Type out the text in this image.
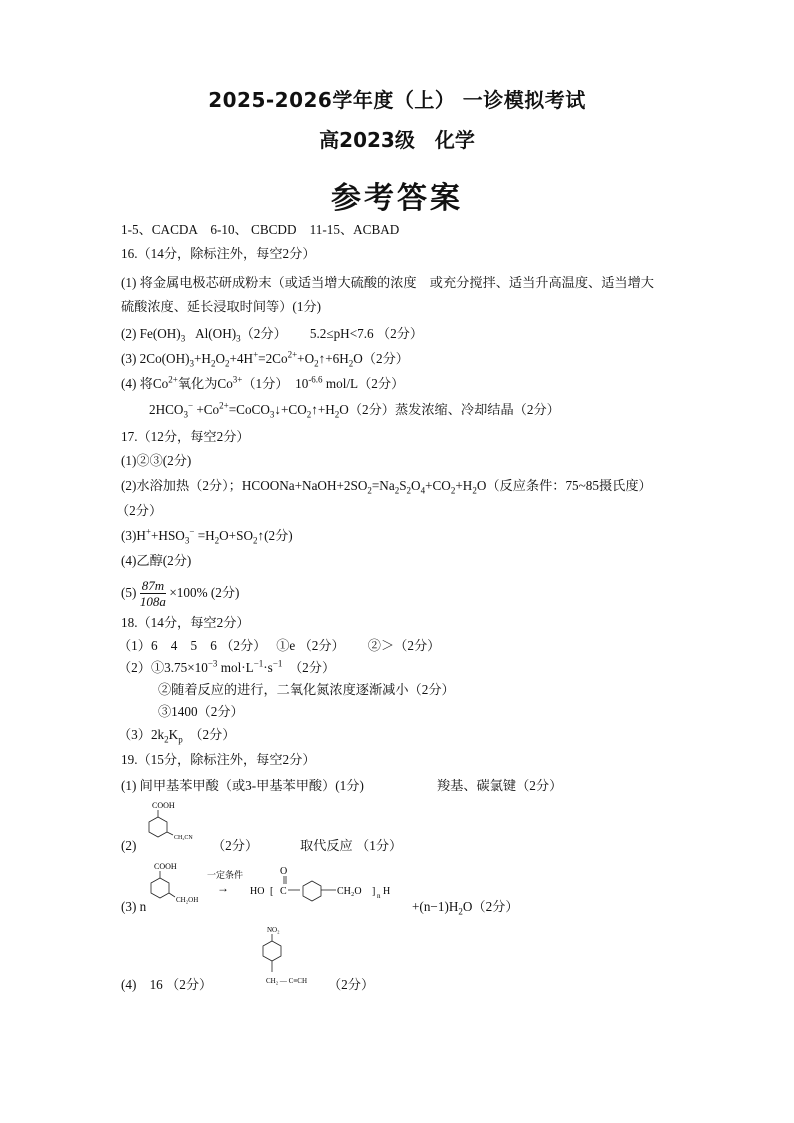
2025-2026学年度（上） 一诊模拟考试
高2023级　化学
参考答案
1-5、CACDA　6-10、 CBCDD　11-15、ACBAD
16.（14分，除标注外，每空2分）
(1) 将金属电极芯研成粉末（或适当增大硫酸的浓度　或充分搅拌、适当升高温度、适当增大
硫酸浓度、延长浸取时间等）(1分)
(2) $Fe(OH)_3$ $Al(OH)_3(2$分） 5.2≤pH<7.6 （2分）
(3) $2Co(OH)_3+H_2O_2+4H^+=2Co^{2+}+O_2↑+6H_2O(2$分）
(4) 将$Co^{2+}$氧化为$Co^{3+}(1$分） $10^{-6.6}$ mol/L（2分）
$2HCO_3^-$ $+Co^{2+}=CoCO_3↓+CO_2↑+H_2O(2$分）蒸发浓缩、冷却结晶（2分）
17.（12分，每空2分）
(1)②③(2分)
(2)水浴加热（2分）；$HCOONa+NaOH+2SO_2=Na_2S_2O_4+CO_2+H_2O$（反应条件：75~85摄氏度）
（2分）
$(3)H^++HSO_3^-$ $=H_2O+SO_2↑(2$分)
(4)乙醇(2分)
$(5) \frac{87m}{108a} \times 100\%$ (2分)
18.（14分，每空2分）
（1）6　4　5　6 （2分）　 ①e （2分）　　 ②＞（2分）
$(2)①3.75\times 10^{-3}$ $mol\cdot L^{-1}\cdot s^{-1}$　（2分）
②随着反应的进行，二氧化氮浓度逐渐减小（2分）
③1400（2分）
$(3)2k_2K_p$　（2分）
19.（15分，除标注外，每空2分）
(1) 间甲基苯甲酸（或3-甲基苯甲酸）(1分)	羧基、碳氯键（2分）
(2)
COOH
CH₂CN （2分）	取代反应 （1分）
(3) n
COOH
CH₂OH
一定条件
→ HO
O
[ C	CH₂O ] n H
$+(n-1)H_2O(2$分）
(4)　16 （2分）
NO₂
CH₂ — C≡CH （2分）
